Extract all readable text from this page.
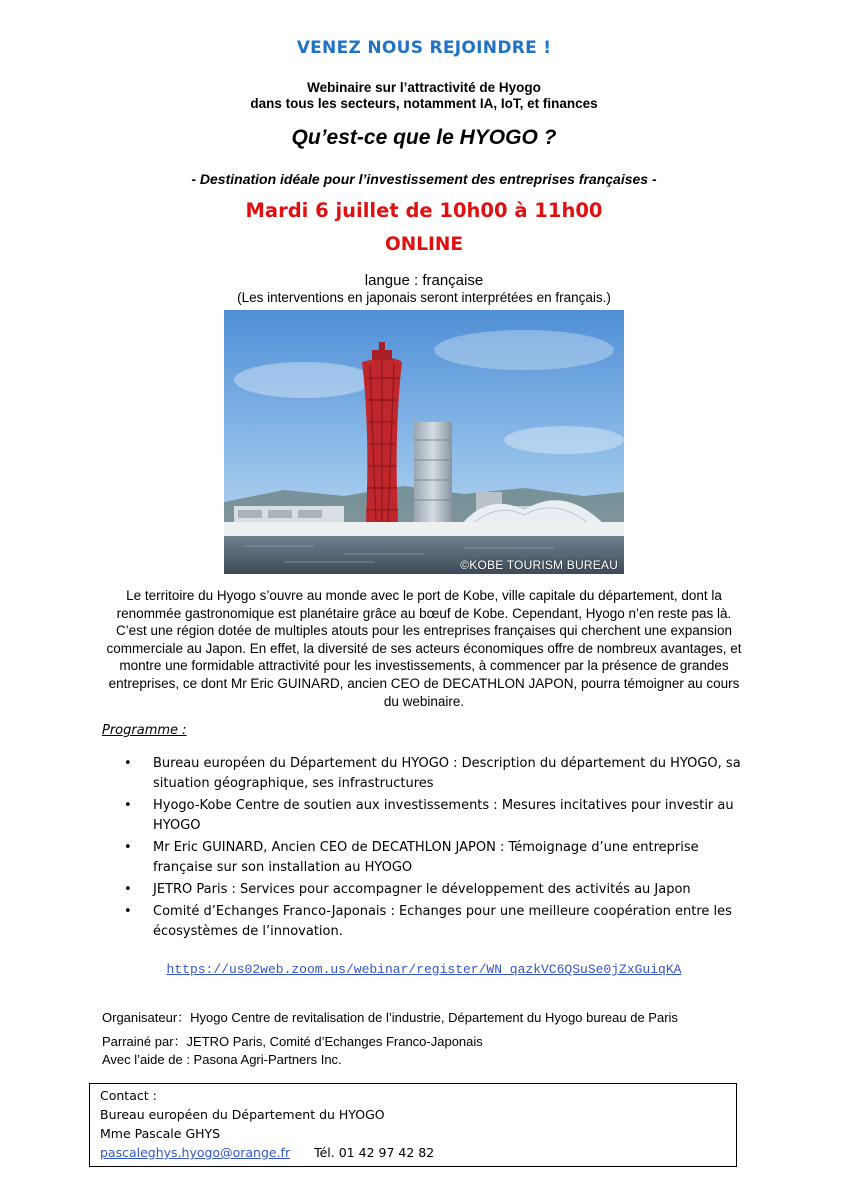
VENEZ NOUS REJOINDRE !
Webinaire sur l’attractivité de Hyogo
dans tous les secteurs, notamment IA, IoT, et finances
Qu’est-ce que le HYOGO ?
- Destination idéale pour l’investissement des entreprises françaises -
Mardi 6 juillet de 10h00 à 11h00
ONLINE
langue : française
(Les interventions en japonais seront interprétées en français.)
©KOBE TOURISM BUREAU
Le territoire du Hyogo s’ouvre au monde avec le port de Kobe, ville capitale du département, dont la renommée gastronomique est planétaire grâce au bœuf de Kobe. Cependant, Hyogo n’en reste pas là. C’est une région dotée de multiples atouts pour les entreprises françaises qui cherchent une expansion commerciale au Japon. En effet, la diversité de ses acteurs économiques offre de nombreux avantages, et montre une formidable attractivité pour les investissements, à commencer par la présence de grandes entreprises, ce dont Mr Eric GUINARD, ancien CEO de DECATHLON JAPON, pourra témoigner au cours du webinaire.
Programme :
• Bureau européen du Département du HYOGO : Description du département du HYOGO, sa situation géographique, ses infrastructures
• Hyogo-Kobe Centre de soutien aux investissements : Mesures incitatives pour investir au HYOGO
• Mr Eric GUINARD, Ancien CEO de DECATHLON JAPON : Témoignage d’une entreprise française sur son installation au HYOGO
• JETRO Paris : Services pour accompagner le développement des activités au Japon
• Comité d’Echanges Franco-Japonais : Echanges pour une meilleure coopération entre les écosystèmes de l’innovation.
https://us02web.zoom.us/webinar/register/WN_qazkVC6QSuSe0jZxGuiqKA
Organisateur：Hyogo Centre de revitalisation de l’industrie, Département du Hyogo bureau de Paris
Parrainé par：JETRO Paris, Comité d’Echanges Franco-Japonais
Avec l’aide de : Pasona Agri-Partners Inc.
Contact :
Bureau européen du Département du HYOGO
Mme Pascale GHYS
pascaleghys.hyogo@orange.fr Tél. 01 42 97 42 82
